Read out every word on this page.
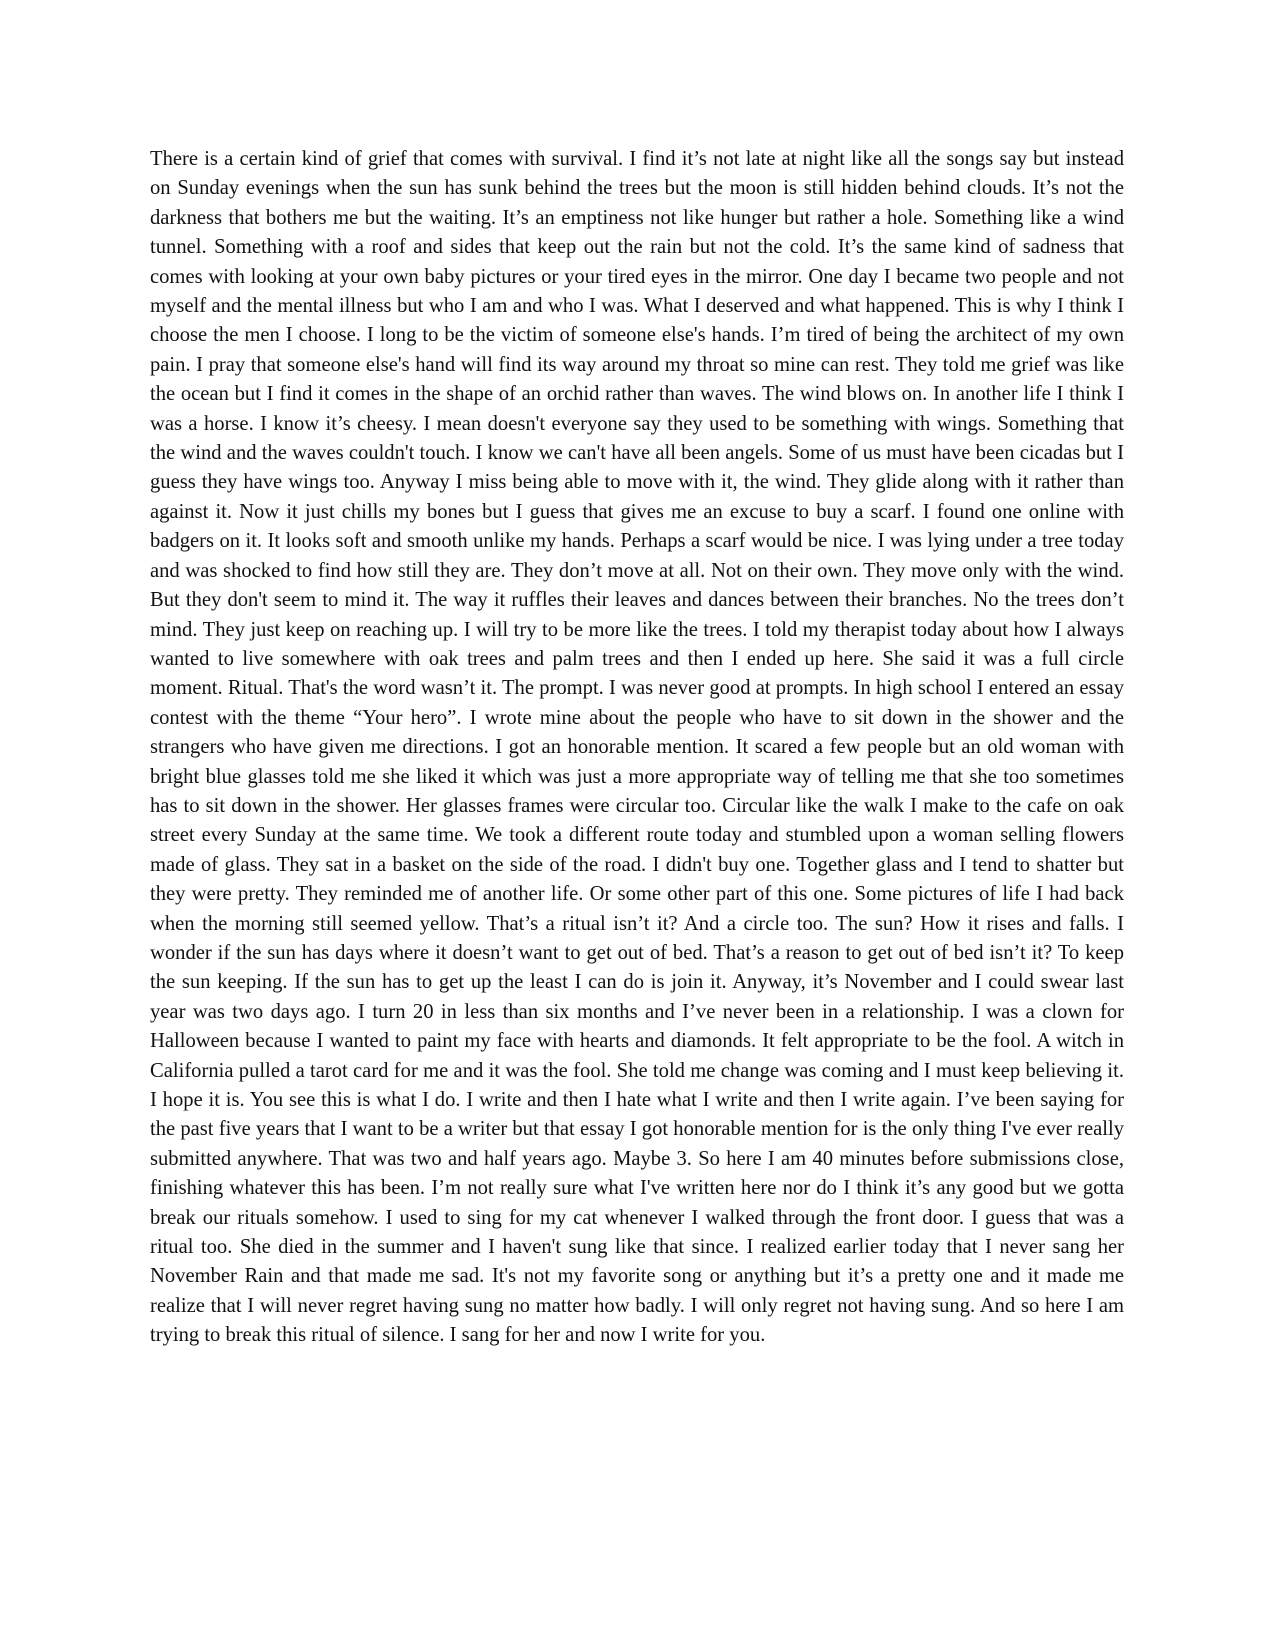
There is a certain kind of grief that comes with survival. I find it’s not late at night like all the songs say but instead on Sunday evenings when the sun has sunk behind the trees but the moon is still hidden behind clouds. It’s not the darkness that bothers me but the waiting. It’s an emptiness not like hunger but rather a hole. Something like a wind tunnel. Something with a roof and sides that keep out the rain but not the cold. It’s the same kind of sadness that comes with looking at your own baby pictures or your tired eyes in the mirror. One day I became two people and not myself and the mental illness but who I am and who I was. What I deserved and what happened. This is why I think I choose the men I choose. I long to be the victim of someone else's hands. I’m tired of being the architect of my own pain. I pray that someone else's hand will find its way around my throat so mine can rest. They told me grief was like the ocean but I find it comes in the shape of an orchid rather than waves. The wind blows on. In another life I think I was a horse. I know it’s cheesy. I mean doesn't everyone say they used to be something with wings. Something that the wind and the waves couldn't touch. I know we can't have all been angels. Some of us must have been cicadas but I guess they have wings too. Anyway I miss being able to move with it, the wind. They glide along with it rather than against it. Now it just chills my bones but I guess that gives me an excuse to buy a scarf. I found one online with badgers on it. It looks soft and smooth unlike my hands. Perhaps a scarf would be nice. I was lying under a tree today and was shocked to find how still they are. They don’t move at all. Not on their own. They move only with the wind. But they don't seem to mind it. The way it ruffles their leaves and dances between their branches. No the trees don’t mind. They just keep on reaching up. I will try to be more like the trees. I told my therapist today about how I always wanted to live somewhere with oak trees and palm trees and then I ended up here. She said it was a full circle moment. Ritual. That's the word wasn’t it. The prompt. I was never good at prompts. In high school I entered an essay contest with the theme “Your hero”. I wrote mine about the people who have to sit down in the shower and the strangers who have given me directions. I got an honorable mention. It scared a few people but an old woman with bright blue glasses told me she liked it which was just a more appropriate way of telling me that she too sometimes has to sit down in the shower. Her glasses frames were circular too. Circular like the walk I make to the cafe on oak street every Sunday at the same time. We took a different route today and stumbled upon a woman selling flowers made of glass. They sat in a basket on the side of the road. I didn't buy one. Together glass and I tend to shatter but they were pretty. They reminded me of another life. Or some other part of this one. Some pictures of life I had back when the morning still seemed yellow. That’s a ritual isn’t it? And a circle too. The sun? How it rises and falls. I wonder if the sun has days where it doesn’t want to get out of bed. That’s a reason to get out of bed isn’t it? To keep the sun keeping. If the sun has to get up the least I can do is join it. Anyway, it’s November and I could swear last year was two days ago. I turn 20 in less than six months and I’ve never been in a relationship. I was a clown for Halloween because I wanted to paint my face with hearts and diamonds. It felt appropriate to be the fool. A witch in California pulled a tarot card for me and it was the fool. She told me change was coming and I must keep believing it. I hope it is. You see this is what I do. I write and then I hate what I write and then I write again. I’ve been saying for the past five years that I want to be a writer but that essay I got honorable mention for is the only thing I've ever really submitted anywhere. That was two and half years ago. Maybe 3. So here I am 40 minutes before submissions close, finishing whatever this has been. I’m not really sure what I've written here nor do I think it’s any good but we gotta break our rituals somehow. I used to sing for my cat whenever I walked through the front door. I guess that was a ritual too. She died in the summer and I haven't sung like that since. I realized earlier today that I never sang her November Rain and that made me sad. It's not my favorite song or anything but it’s a pretty one and it made me realize that I will never regret having sung no matter how badly. I will only regret not having sung. And so here I am trying to break this ritual of silence. I sang for her and now I write for you.
